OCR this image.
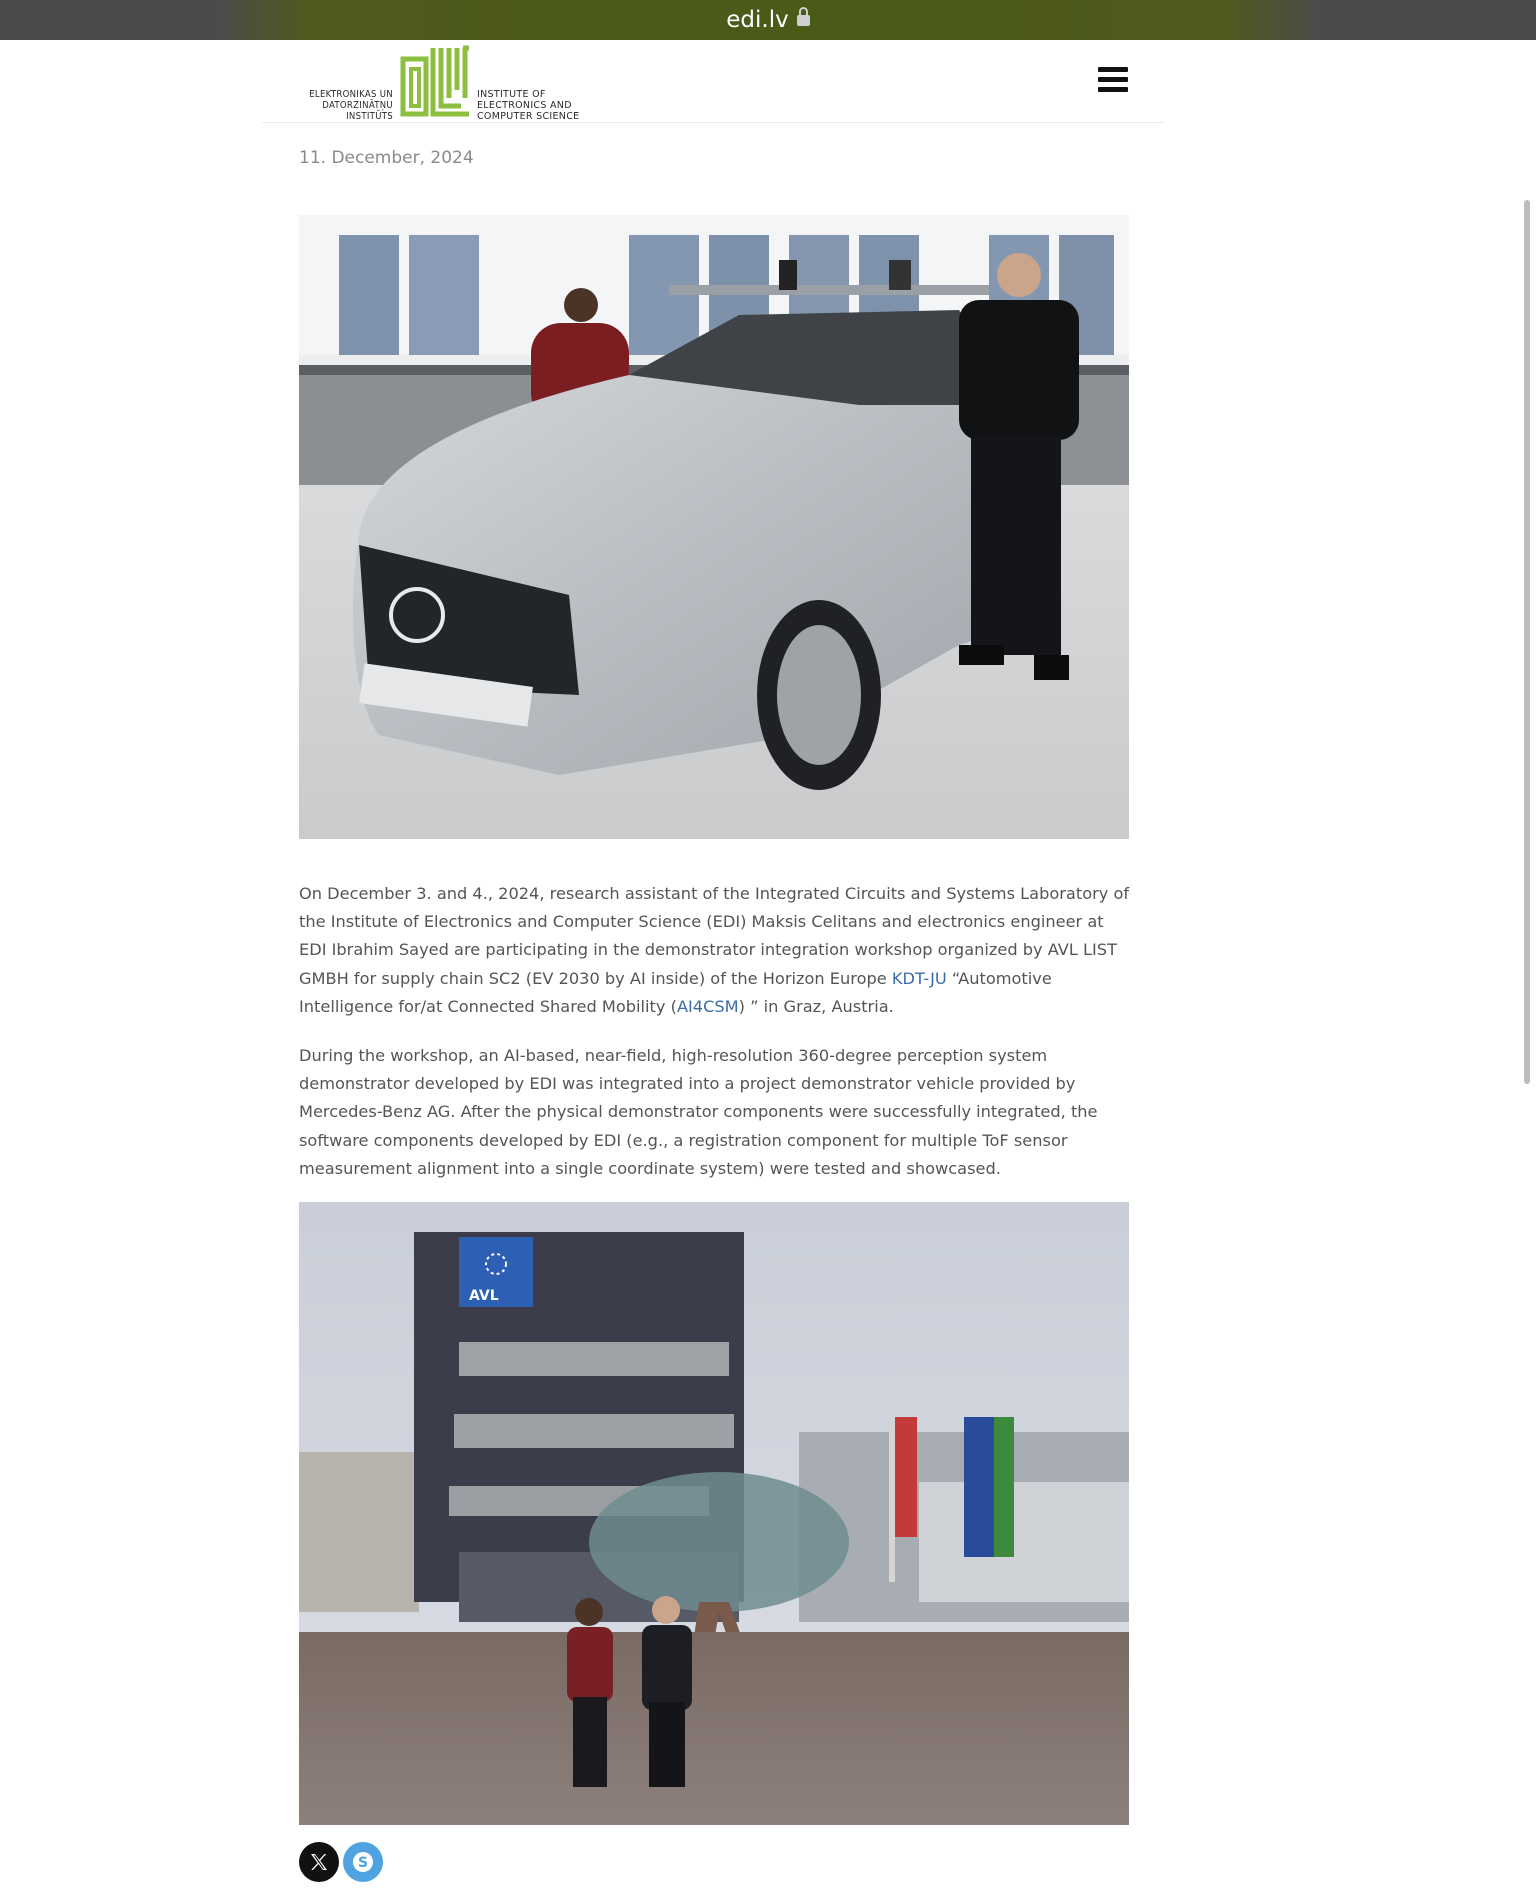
edi.lv
ELEKTRONIKAS UN
DATORZINĀTŅU
INSTITŪTS
INSTITUTE OF
ELECTRONICS AND
COMPUTER SCIENCE
11. December, 2024

On December 3. and 4., 2024, research assistant of the Integrated Circuits and Systems Laboratory of the Institute of Electronics and Computer Science (EDI) Maksis Celitans and electronics engineer at EDI Ibrahim Sayed are participating in the demonstrator integration workshop organized by AVL LIST GMBH for supply chain SC2 (EV 2030 by AI inside) of the Horizon Europe KDT-JU “Automotive Intelligence for/at Connected Shared Mobility (AI4CSM) ” in Graz, Austria.

During the workshop, an AI-based, near-field, high-resolution 360-degree perception system demonstrator developed by EDI was integrated into a project demonstrator vehicle provided by Mercedes-Benz AG. After the physical demonstrator components were successfully integrated, the software components developed by EDI (e.g., a registration component for multiple ToF sensor measurement alignment into a single coordinate system) were tested and showcased.

AVL
S
